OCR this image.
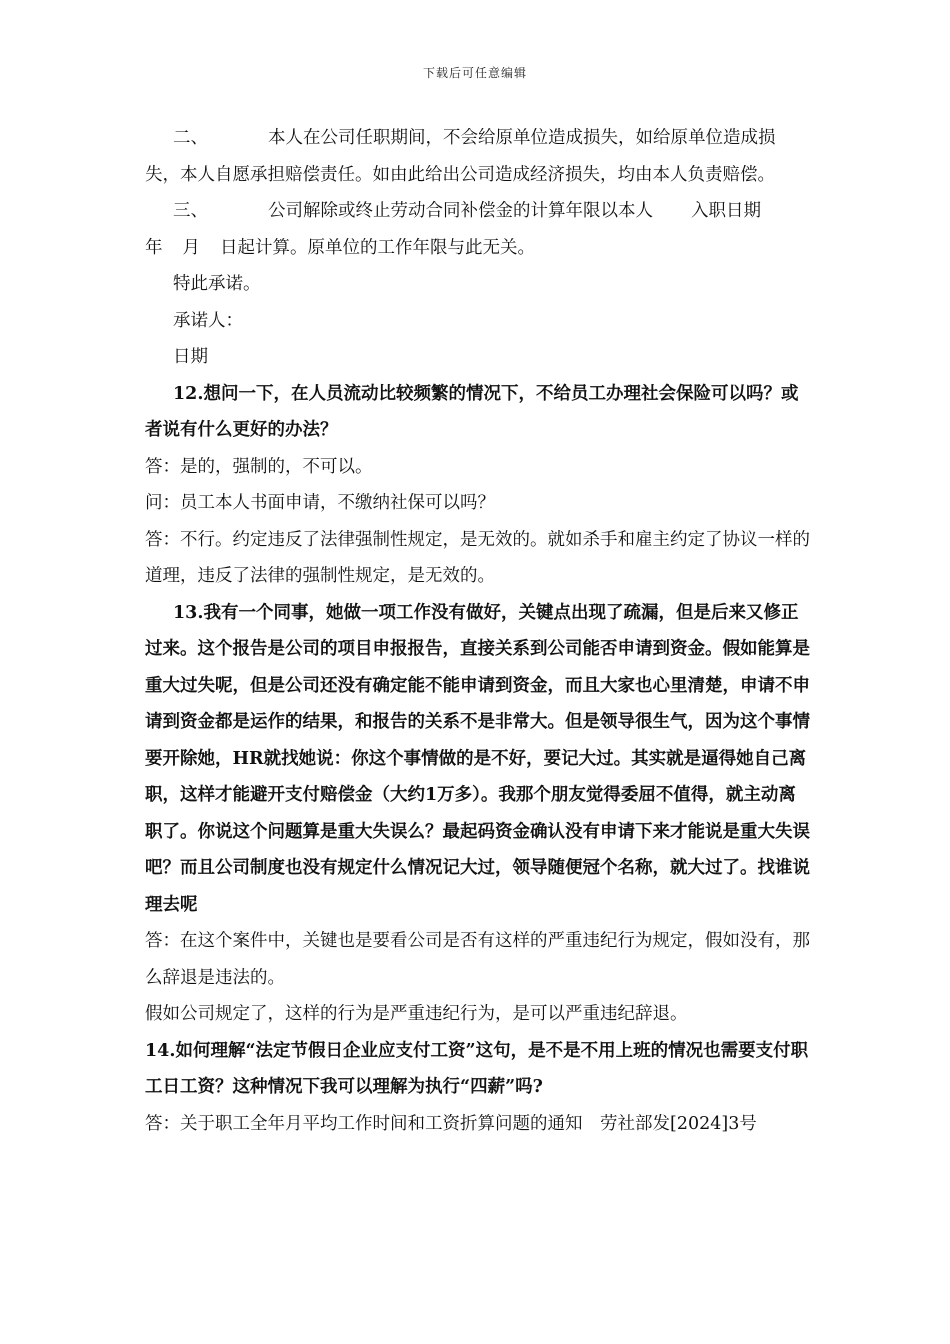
下载后可任意编辑

二、	本人在公司任职期间，不会给原单位造成损失，如给原单位造成损失，本人自愿承担赔偿责任。如由此给出公司造成经济损失，均由本人负责赔偿。

三、	公司解除或终止劳动合同补偿金的计算年限以本人 入职日期
年 月 日起计算。原单位的工作年限与此无关。

特此承诺。

承诺人：

日期

12.想问一下，在人员流动比较频繁的情况下，不给员工办理社会保险可以吗？或者说有什么更好的办法？

答：是的，强制的，不可以。

问：员工本人书面申请，不缴纳社保可以吗？

答：不行。约定违反了法律强制性规定，是无效的。就如杀手和雇主约定了协议一样的道理，违反了法律的强制性规定，是无效的。

13.我有一个同事，她做一项工作没有做好，关键点出现了疏漏，但是后来又修正过来。这个报告是公司的项目申报报告，直接关系到公司能否申请到资金。假如能算是重大过失呢，但是公司还没有确定能不能申请到资金，而且大家也心里清楚，申请不申请到资金都是运作的结果，和报告的关系不是非常大。但是领导很生气，因为这个事情要开除她，HR就找她说：你这个事情做的是不好，要记大过。其实就是逼得她自己离职，这样才能避开支付赔偿金（大约1万多）。我那个朋友觉得委屈不值得，就主动离职了。你说这个问题算是重大失误么？最起码资金确认没有申请下来才能说是重大失误吧？而且公司制度也没有规定什么情况记大过，领导随便冠个名称，就大过了。找谁说理去呢

答：在这个案件中，关键也是要看公司是否有这样的严重违纪行为规定，假如没有，那么辞退是违法的。

假如公司规定了，这样的行为是严重违纪行为，是可以严重违纪辞退。

14.如何理解“法定节假日企业应支付工资”这句，是不是不用上班的情况也需要支付职工日工资？这种情况下我可以理解为执行“四薪”吗?

答：关于职工全年月平均工作时间和工资折算问题的通知　劳社部发[2024]3号
